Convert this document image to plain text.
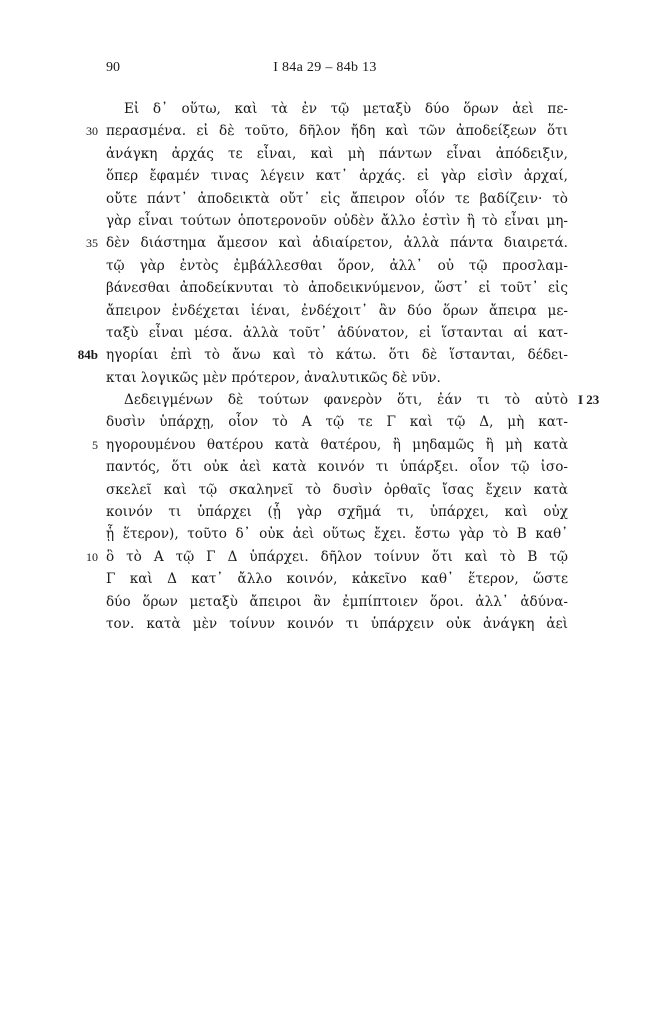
90	I 84a 29 – 84b 13
Εἰ δ᾿ οὕτω, καὶ τὰ ἐν τῷ μεταξὺ δύο ὅρων ἀεὶ πε-
30 περασμένα. εἰ δὲ τοῦτο, δῆλον ἤδη καὶ τῶν ἀποδείξεων ὅτι
ἀνάγκη ἀρχάς τε εἶναι, καὶ μὴ πάντων εἶναι ἀπόδειξιν,
ὅπερ ἔφαμέν τινας λέγειν κατ᾿ ἀρχάς. εἰ γὰρ εἰσὶν ἀρχαί,
οὔτε πάντ᾿ ἀποδεικτὰ οὔτ᾿ εἰς ἄπειρον οἷόν τε βαδίζειν· τὸ
γὰρ εἶναι τούτων ὁποτερονοῦν οὐδὲν ἄλλο ἐστὶν ἢ τὸ εἶναι μη-
35 δὲν διάστημα ἄμεσον καὶ ἀδιαίρετον, ἀλλὰ πάντα διαιρετά.
τῷ γὰρ ἐντὸς ἐμβάλλεσθαι ὅρον, ἀλλ᾿ οὐ τῷ προσλαμ-
βάνεσθαι ἀποδείκνυται τὸ ἀποδεικνύμενον, ὥστ᾿ εἰ τοῦτ᾿ εἰς
ἄπειρον ἐνδέχεται ἰέναι, ἐνδέχοιτ᾿ ἂν δύο ὅρων ἄπειρα με-
ταξὺ εἶναι μέσα. ἀλλὰ τοῦτ᾿ ἀδύνατον, εἰ ἵστανται αἱ κατ-
84b ηγορίαι ἐπὶ τὸ ἄνω καὶ τὸ κάτω. ὅτι δὲ ἵστανται, δέδει-
κται λογικῶς μὲν πρότερον, ἀναλυτικῶς δὲ νῦν.
Δεδειγμένων δὲ τούτων φανερὸν ὅτι, ἐάν τι τὸ αὐτὸ
δυσὶν ὑπάρχῃ, οἷον τὸ Α τῷ τε Γ καὶ τῷ Δ, μὴ κατ-
5 ηγορουμένου θατέρου κατὰ θατέρου, ἢ μηδαμῶς ἢ μὴ κατὰ
παντός, ὅτι οὐκ ἀεὶ κατὰ κοινόν τι ὑπάρξει. οἷον τῷ ἰσο-
σκελεῖ καὶ τῷ σκαληνεῖ τὸ δυσὶν ὀρθαῖς ἴσας ἔχειν κατὰ
κοινόν τι ὑπάρχει (ᾗ γὰρ σχῆμά τι, ὑπάρχει, καὶ οὐχ
ᾗ ἕτερον), τοῦτο δ᾿ οὐκ ἀεὶ οὕτως ἔχει. ἔστω γὰρ τὸ Β καθ᾿
10 ὃ τὸ Α τῷ Γ Δ ὑπάρχει. δῆλον τοίνυν ὅτι καὶ τὸ Β τῷ
Γ καὶ Δ κατ᾿ ἄλλο κοινόν, κἀκεῖνο καθ᾿ ἕτερον, ὥστε
δύο ὅρων μεταξὺ ἄπειροι ἂν ἐμπίπτοιεν ὅροι. ἀλλ᾿ ἀδύνα-
τον. κατὰ μὲν τοίνυν κοινόν τι ὑπάρχειν οὐκ ἀνάγκη ἀεὶ
I 23
